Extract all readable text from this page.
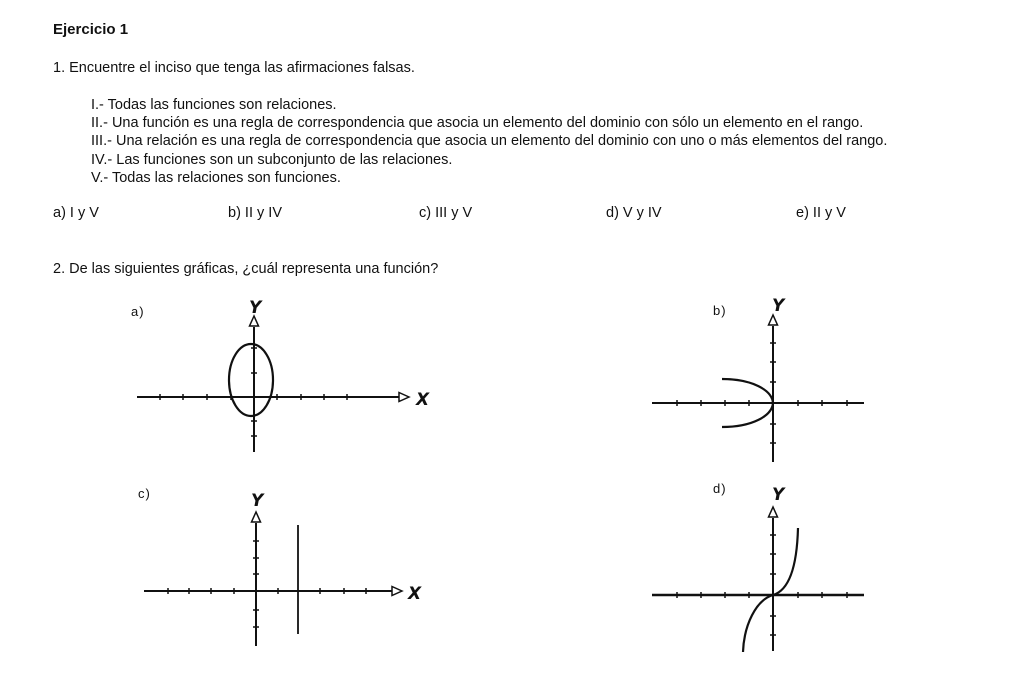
Ejercicio 1
1. Encuentre el inciso que tenga las afirmaciones falsas.
I.- Todas las funciones son relaciones.
II.- Una función es una regla de correspondencia que asocia un elemento del dominio con sólo un elemento en el rango.
III.- Una relación es una regla de correspondencia que asocia un elemento del dominio con uno o más elementos del rango.
IV.- Las funciones son un subconjunto de las relaciones.
V.- Todas las relaciones son funciones.
a) I y V	b) II y IV	c) III y V	d) V y IV	e) II y V
2. De las siguientes gráficas, ¿cuál representa una función?
a)	Y
X
b)	Y
c)	Y
X
d)	Y
